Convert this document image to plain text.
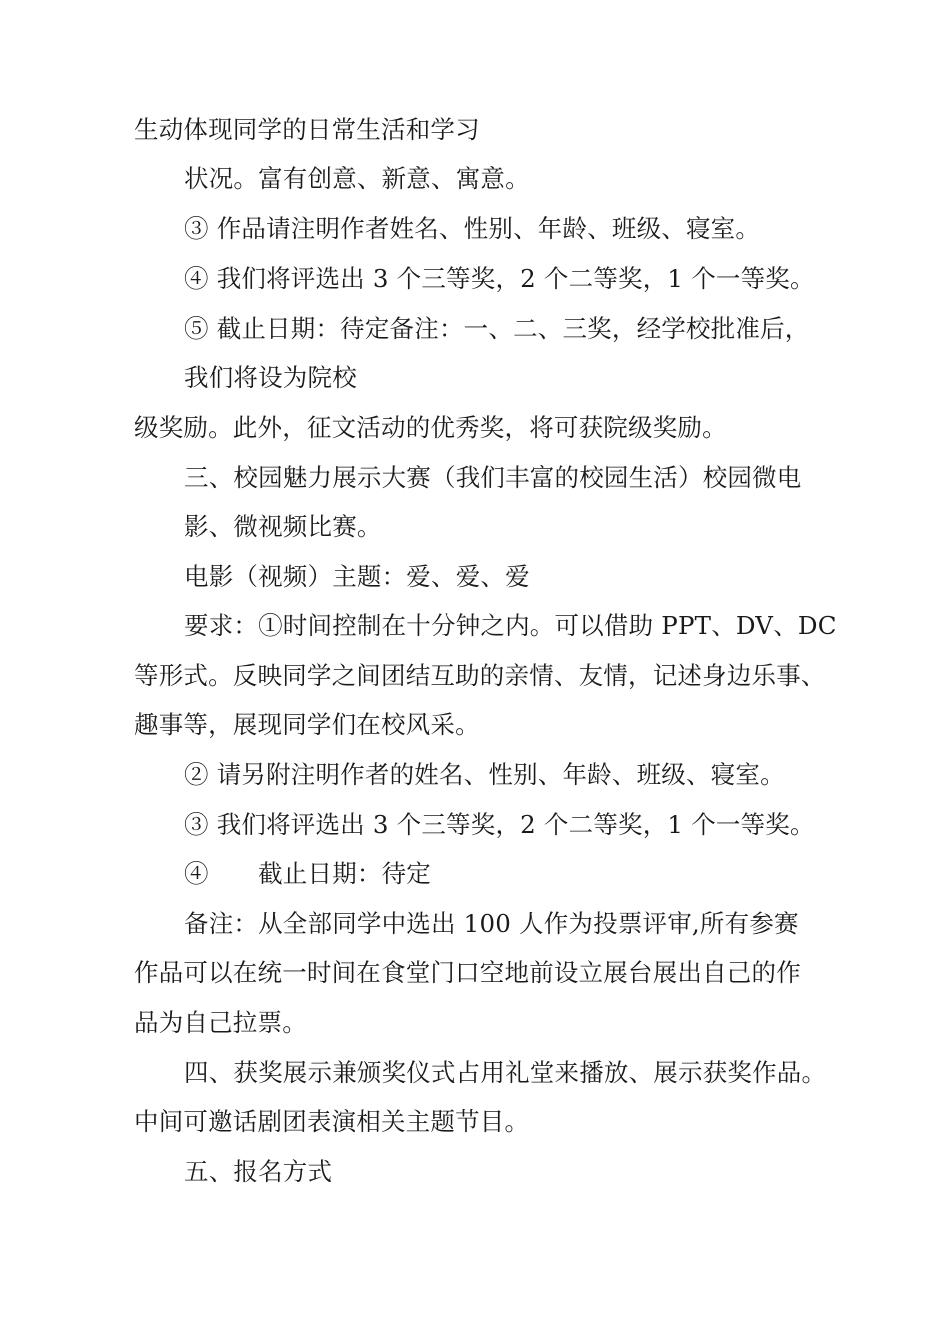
生动体现同学的日常生活和学习
状况。富有创意、新意、寓意。
③ 作品请注明作者姓名、性别、年龄、班级、寝室。
④ 我们将评选出 3 个三等奖，2 个二等奖，1 个一等奖。
⑤ 截止日期：待定备注：一、二、三奖，经学校批准后，
我们将设为院校
级奖励。此外，征文活动的优秀奖，将可获院级奖励。
三、校园魅力展示大赛（我们丰富的校园生活）校园微电
影、微视频比赛。
电影（视频）主题：爱、爱、爱
要求：①时间控制在十分钟之内。可以借助 PPT、DV、DC
等形式。反映同学之间团结互助的亲情、友情，记述身边乐事、
趣事等，展现同学们在校风采。
② 请另附注明作者的姓名、性别、年龄、班级、寝室。
③ 我们将评选出 3 个三等奖，2 个二等奖，1 个一等奖。
④　　截止日期：待定
备注：从全部同学中选出 100 人作为投票评审,所有参赛
作品可以在统一时间在食堂门口空地前设立展台展出自己的作
品为自己拉票。
四、获奖展示兼颁奖仪式占用礼堂来播放、展示获奖作品。
中间可邀话剧团表演相关主题节目。
五、报名方式
